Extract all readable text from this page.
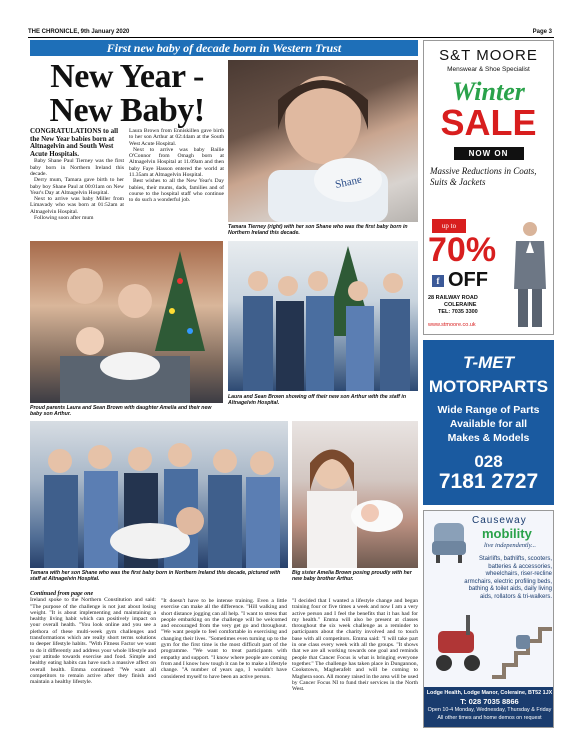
THE CHRONICLE, 9th January 2020	Page 3
First new baby of decade born in Western Trust
New Year -
New Baby!
CONGRATULATIONS to all the New Year babies born at Altnagelvin and South West Acute Hospitals.

Baby Shane Paul Tierney was the first baby born in Northern Ireland this decade.

Derry mum, Tamara gave birth to her baby boy Shane Paul at 00:01am on New Year's Day at Altnagelvin Hospital.

Next to arrive was baby Miller from Limavady who was born at 01:52am at Altnagelvin Hospital.

Following soon after mum

Laura Brown from Enniskillen gave birth to her son Arthur at 02:44am at the South West Acute Hospital.

Next to arrive was baby Bailie O'Connor from Omagh born at Altnagelvin Hospital at 11.09am and then baby Faye Hasson entered the world at 11.35am at Altnagelvin Hospital.

Best wishes to all the New Year's Day babies, their mums, dads, families and of course to the hospital staff who continue to do such a wonderful job.

Shane
Tamara Tierney (right) with her son Shane who was the first baby born in Northern Ireland this decade.
Proud parents Laura and Sean Brown with daughter Amelia and their new baby son Arthur.
Laura and Sean Brown showing off their new son Arthur with the staff in Altnagelvin Hospital.
Tamara with her son Shane who was the first baby born in Northern Ireland this decade, pictured with staff at Altnagelvin Hospital.
Big sister Amelia Brown posing proudly with her new baby brother Arthur.
Continued from page one

Ireland spoke to the Northern Constitution and said: "The purpose of the challenge is not just about losing weight. "It is about implementing and maintaining a healthy living habit which can positively impact on your overall health. "You look online and you see a plethora of these multi-week gym challenges and transformations which are really short terms solutions to deeper lifestyle habits. "With Fitness Factor we want to do it differently and address your whole lifestyle and your attitude towards exercise and food. Simple and healthy eating habits can have such a massive affect on overall health. Emma continued: "We want all competitors to remain active after they finish and maintain a healthy lifestyle.

"It doesn't have to be intense training. Even a little exercise can make all the difference. "Hill walking and short distance jogging can all help. "I want to stress that people embarking on the challenge will be welcomed and encouraged from the very get go and throughout. "We want people to feel comfortable in exercising and changing their lives. "Sometimes even turning up to the gym for the first time is the most difficult part of the programme. "We want to treat participants with empathy and support. "I know where people are coming from and I know how tough it can be to make a lifestyle change. "A number of years ago, I wouldn't have considered myself to have been an active person.

"I decided that I wanted a lifestyle change and began training four or five times a week and now I am a very active person and I feel the benefits that it has had for my health." Emma will also be present at classes throughout the six week challenge as a reminder to participants about the charity involved and to touch base with all competitors. Emma said: "I will take part in one class every week with all the groups. "It shows that we are all working towards one goal and reminds people that Cancer Focus is what is bringing everyone together." The challenge has taken place in Dungannon, Cookstown, Magherafelt and will be coming to Maghera soon. All money raised in the area will be used by Cancer Focus NI to fund their services in the North West.

S&T MOORE
Menswear & Shoe Specialist
Winter
SALE
NOW ON
Massive Reductions in Coats, Suits & Jackets
up to
70%
f OFF
28 RAILWAY ROAD
COLERAINE
TEL: 7035 3300
www.stmoore.co.uk
T-MET
MOTORPARTS
Wide Range of Parts
Available for all
Makes & Models
028
7181 2727
Causeway
mobility
live independently...
Stairlifts, bathlifts, scooters, batteries & accessories, wheelchairs, riser-recline armchairs, electric profiling beds, bathing & toilet aids, daily living aids, rollators & tri-walkers.
Lodge Health, Lodge Manor, Coleraine, BT52 1JX
T: 028 7035 8866
Open 10-4 Monday, Wednesday, Thursday & Friday
All other times and home demos on request
